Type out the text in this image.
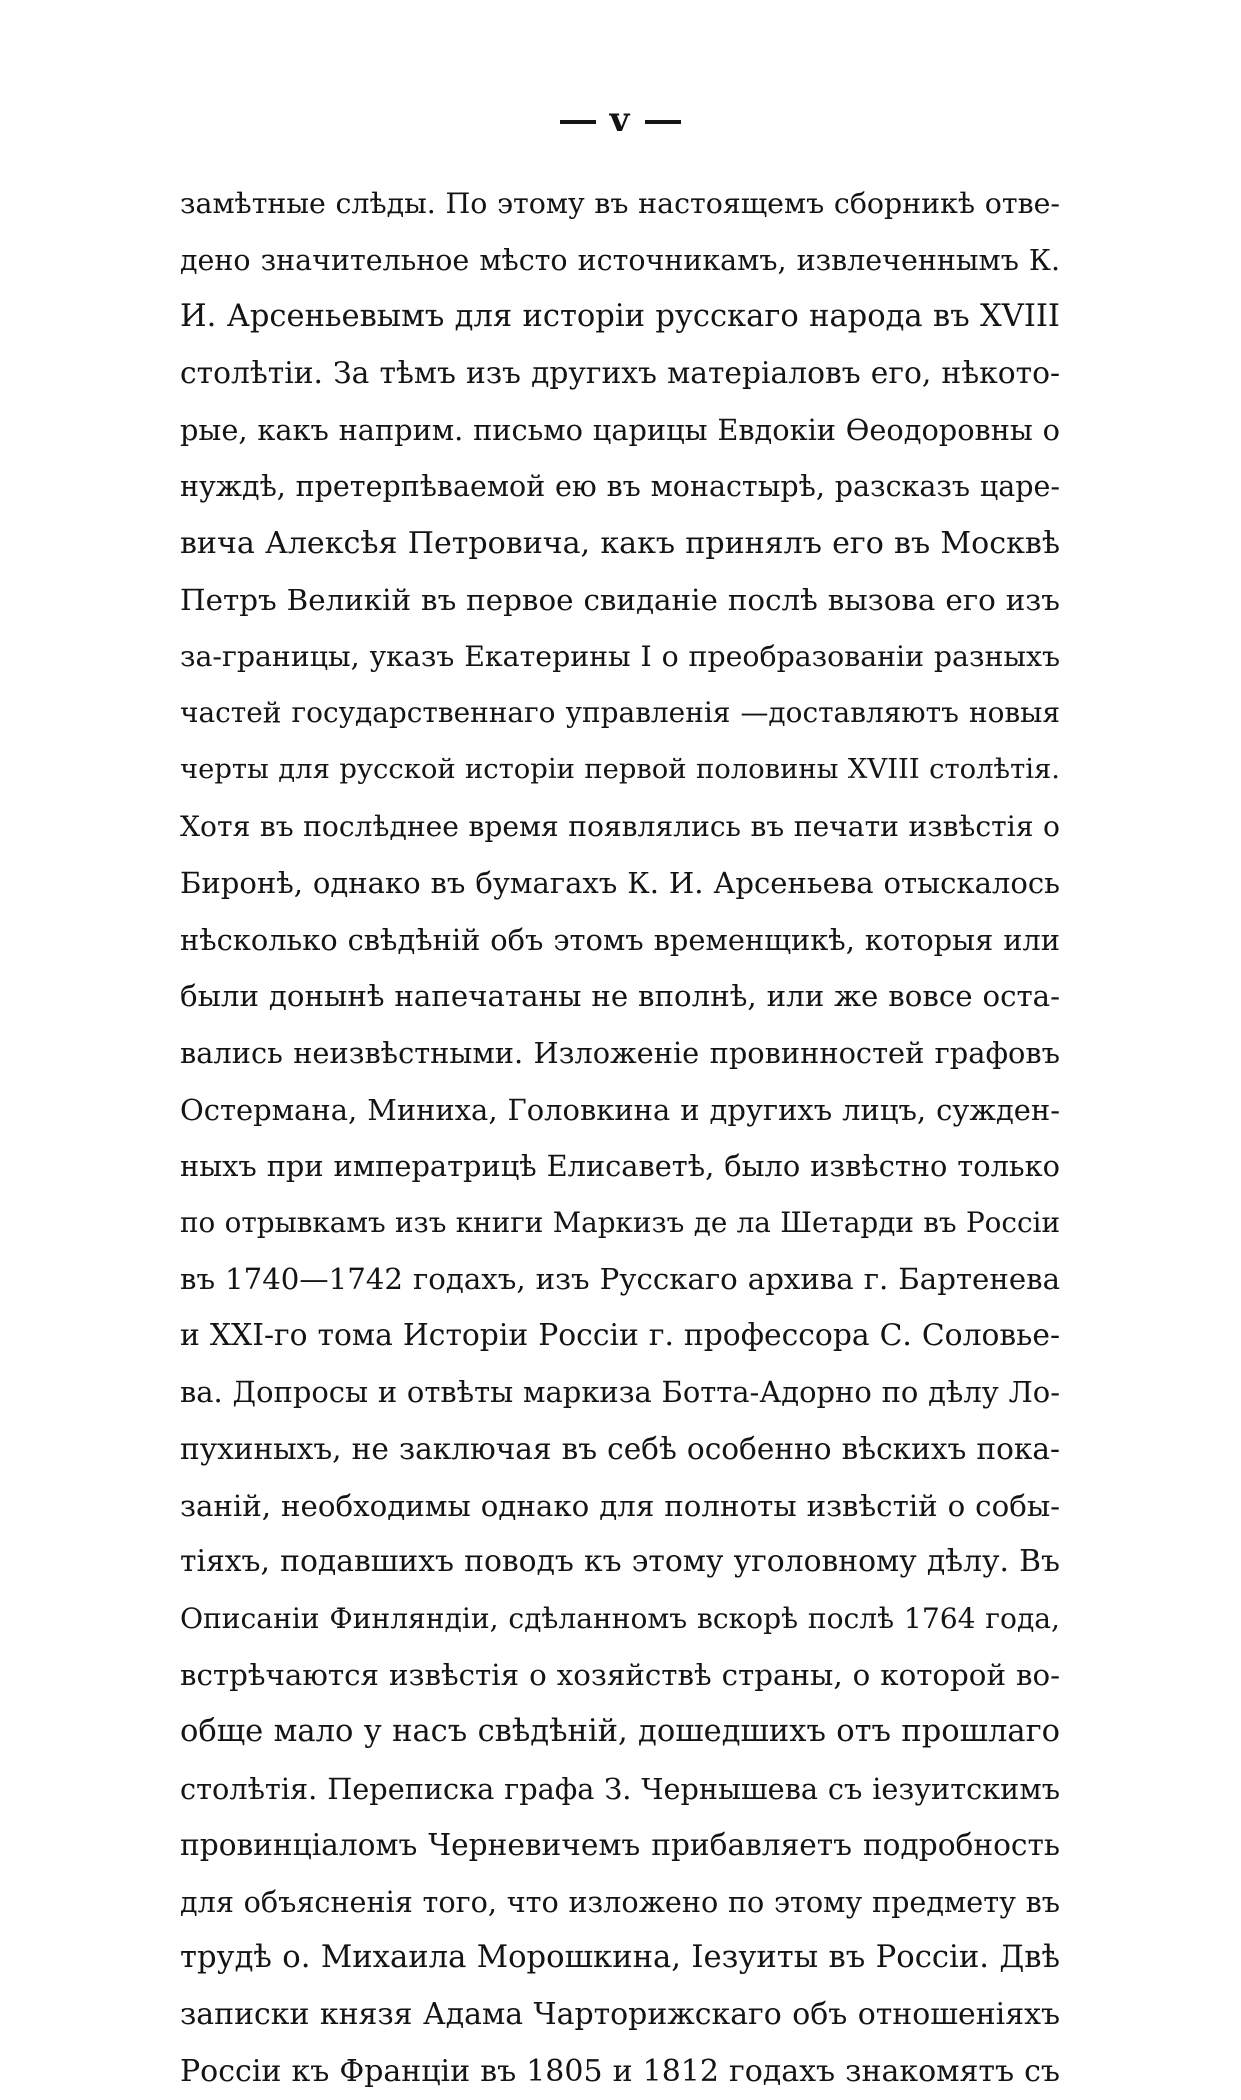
v
замѣтные слѣды. По этому въ настоящемъ сборникѣ отве-
дено значительное мѣсто источникамъ, извлеченнымъ К.
И. Арсеньевымъ для исторіи русскаго народа въ XVIII
столѣтіи. За тѣмъ изъ другихъ матеріаловъ его, нѣкото-
рые, какъ наприм. письмо царицы Евдокіи Ѳеодоровны о
нуждѣ, претерпѣваемой ею въ монастырѣ, разсказъ царе-
вича Алексѣя Петровича, какъ принялъ его въ Москвѣ
Петръ Великій въ первое свиданіе послѣ вызова его изъ
за-границы, указъ Екатерины I о преобразованіи разныхъ
частей государственнаго управленія —доставляютъ новыя
черты для русской исторіи первой половины XVIII столѣтія.
Хотя въ послѣднее время появлялись въ печати извѣстія о
Биронѣ, однако въ бумагахъ К. И. Арсеньева отыскалось
нѣсколько свѣдѣній объ этомъ временщикѣ, которыя или
были донынѣ напечатаны не вполнѣ, или же вовсе оста-
вались неизвѣстными. Изложеніе провинностей графовъ
Остермана, Миниха, Головкина и другихъ лицъ, сужден-
ныхъ при императрицѣ Елисаветѣ, было извѣстно только
по отрывкамъ изъ книги Маркизъ де ла Шетарди въ Россіи
въ 1740—1742 годахъ, изъ Русскаго архива г. Бартенева
и XXI-го тома Исторіи Россіи г. профессора С. Соловье-
ва. Допросы и отвѣты маркиза Ботта-Адорно по дѣлу Ло-
пухиныхъ, не заключая въ себѣ особенно вѣскихъ пока-
заній, необходимы однако для полноты извѣстій о собы-
тіяхъ, подавшихъ поводъ къ этому уголовному дѣлу. Въ
Описаніи Финляндіи, сдѣланномъ вскорѣ послѣ 1764 года,
встрѣчаются извѣстія о хозяйствѣ страны, о которой во-
обще мало у насъ свѣдѣній, дошедшихъ отъ прошлаго
столѣтія. Переписка графа З. Чернышева съ іезуитскимъ
провинціаломъ Черневичемъ прибавляетъ подробность
для объясненія того, что изложено по этому предмету въ
трудѣ о. Михаила Морошкина, Іезуиты въ Россіи. Двѣ
записки князя Адама Чарторижскаго объ отношеніяхъ
Россіи къ Франціи въ 1805 и 1812 годахъ знакомятъ съ
